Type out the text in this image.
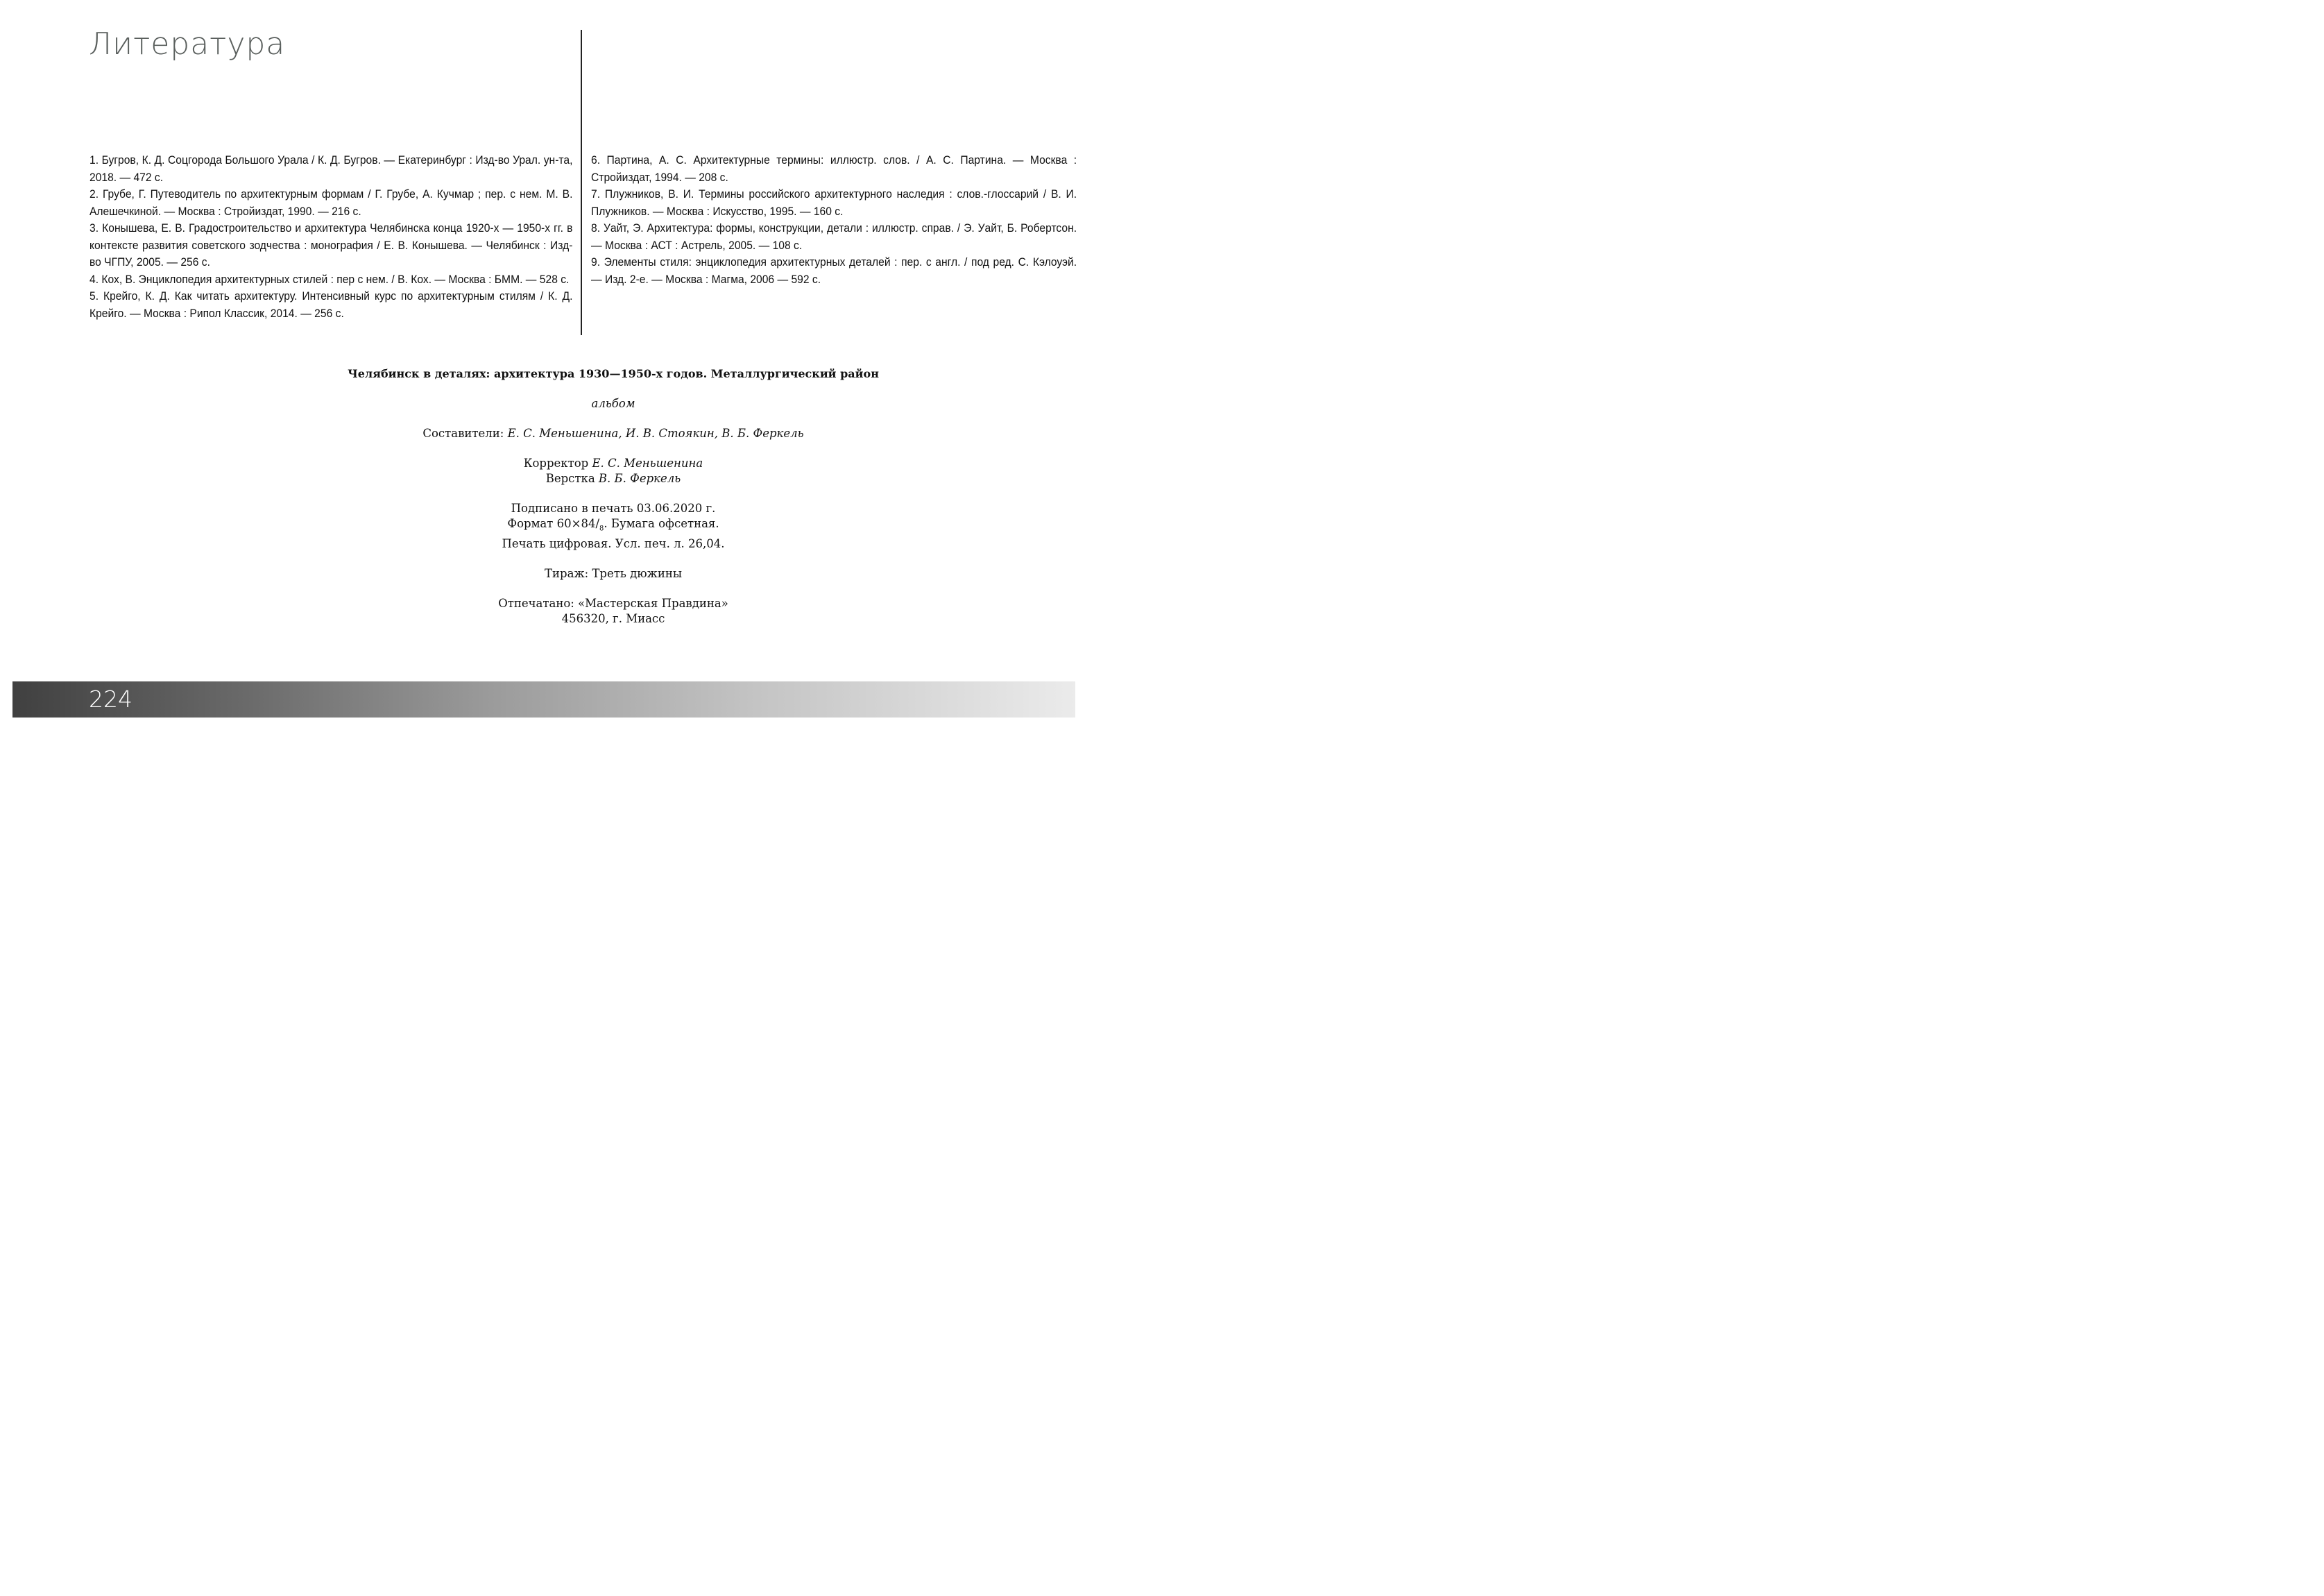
Литература
1. Бугров, К. Д. Соцгорода Большого Урала / К. Д. Бугров. — Екатеринбург : Изд-во Урал. ун-та, 2018. — 472 с.
2. Грубе, Г. Путеводитель по архитектурным формам / Г. Грубе, А. Кучмар ; пер. с нем. М. В. Алешечкиной. — Москва : Стройиздат, 1990. — 216 с.
3. Конышева, Е. В. Градостроительство и архитектура Челябинска конца 1920-х — 1950-х гг. в контексте развития советского зодчества : монография / Е. В. Конышева. — Челябинск : Изд-во ЧГПУ, 2005. — 256 с.
4. Кох, В. Энциклопедия архитектурных стилей : пер с нем. / В. Кох. — Москва : БММ. — 528 с.
5. Крейго, К. Д. Как читать архитектуру. Интенсивный курс по архитектурным стилям / К. Д. Крейго. — Москва : Рипол Классик, 2014. — 256 с.
6. Партина, А. С. Архитектурные термины: иллюстр. слов. / А. С. Партина. — Москва : Стройиздат, 1994. — 208 с.
7. Плужников, В. И. Термины российского архитектурного наследия : слов.-глоссарий / В. И. Плужников. — Москва : Искусство, 1995. — 160 с.
8. Уайт, Э. Архитектура: формы, конструкции, детали : иллюстр. справ. / Э. Уайт, Б. Робертсон. — Москва : АСТ : Астрель, 2005. — 108 с.
9. Элементы стиля: энциклопедия архитектурных деталей : пер. с англ. / под ред. С. Кэлоуэй. — Изд. 2-е. — Москва : Магма, 2006 — 592 с.

Челябинск в деталях: архитектура 1930—1950-х годов. Металлургический район

альбом

Составители: Е. С. Меньшенина, И. В. Стоякин, В. Б. Феркель

Корректор Е. С. Меньшенина

Верстка В. Б. Феркель

Подписано в печать 03.06.2020 г.

Формат $60\times 84/_8$. Бумага офсетная.

Печать цифровая. Усл. печ. л. 26,04.

Тираж: Треть дюжины

Отпечатано: «Мастерская Правдина»

456320, г. Миасс

224
